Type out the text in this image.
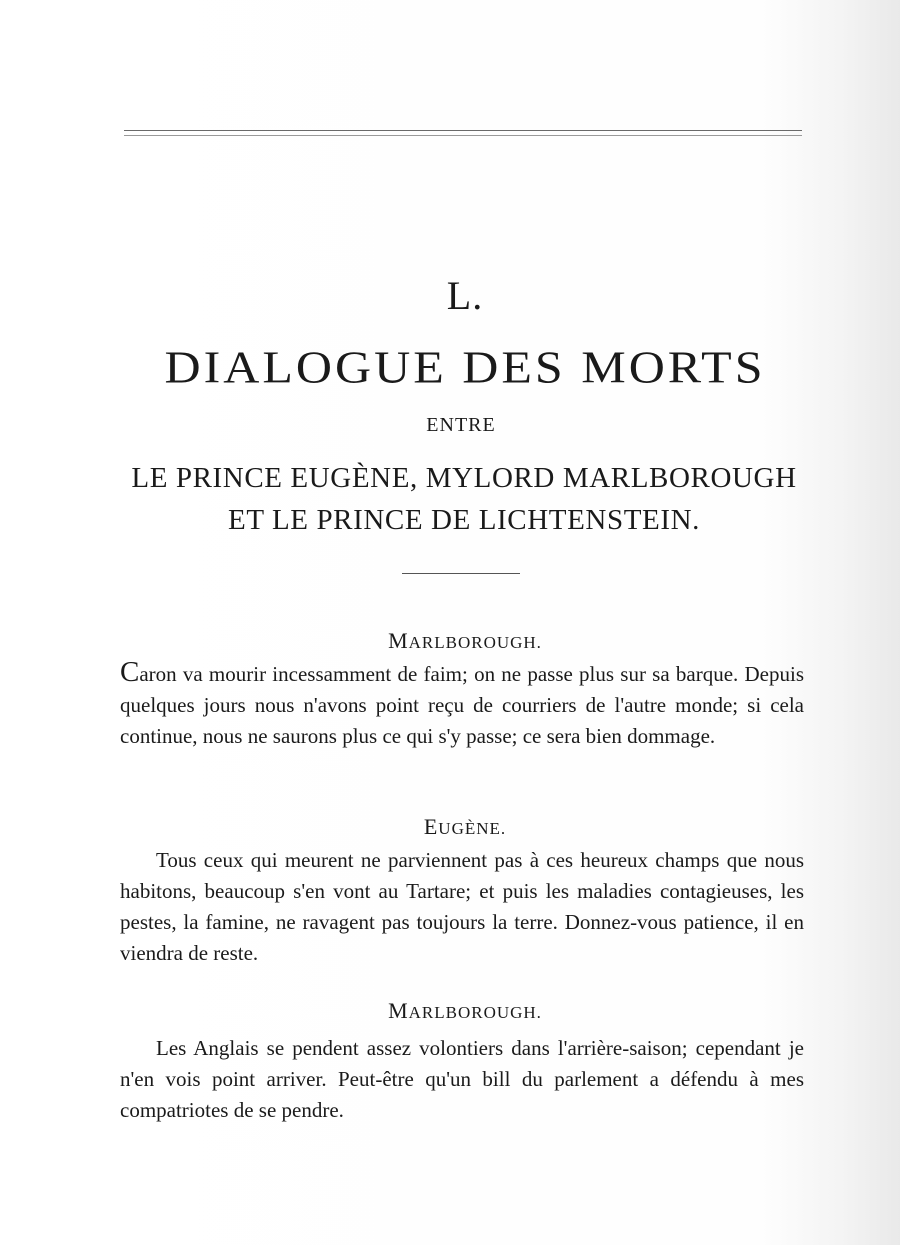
L.
DIALOGUE DES MORTS
ENTRE
LE PRINCE EUGÈNE, MYLORD MARLBOROUGH
ET LE PRINCE DE LICHTENSTEIN.
MARLBOROUGH.

Caron va mourir incessamment de faim; on ne passe plus sur sa barque. Depuis quelques jours nous n'avons point reçu de courriers de l'autre monde; si cela continue, nous ne saurons plus ce qui s'y passe; ce sera bien dommage.

EUGÈNE.

Tous ceux qui meurent ne parviennent pas à ces heureux champs que nous habitons, beaucoup s'en vont au Tartare; et puis les maladies contagieuses, les pestes, la famine, ne ravagent pas toujours la terre. Donnez-vous patience, il en viendra de reste.

MARLBOROUGH.

Les Anglais se pendent assez volontiers dans l'arrière-saison; cependant je n'en vois point arriver. Peut-être qu'un bill du parlement a défendu à mes compatriotes de se pendre.
